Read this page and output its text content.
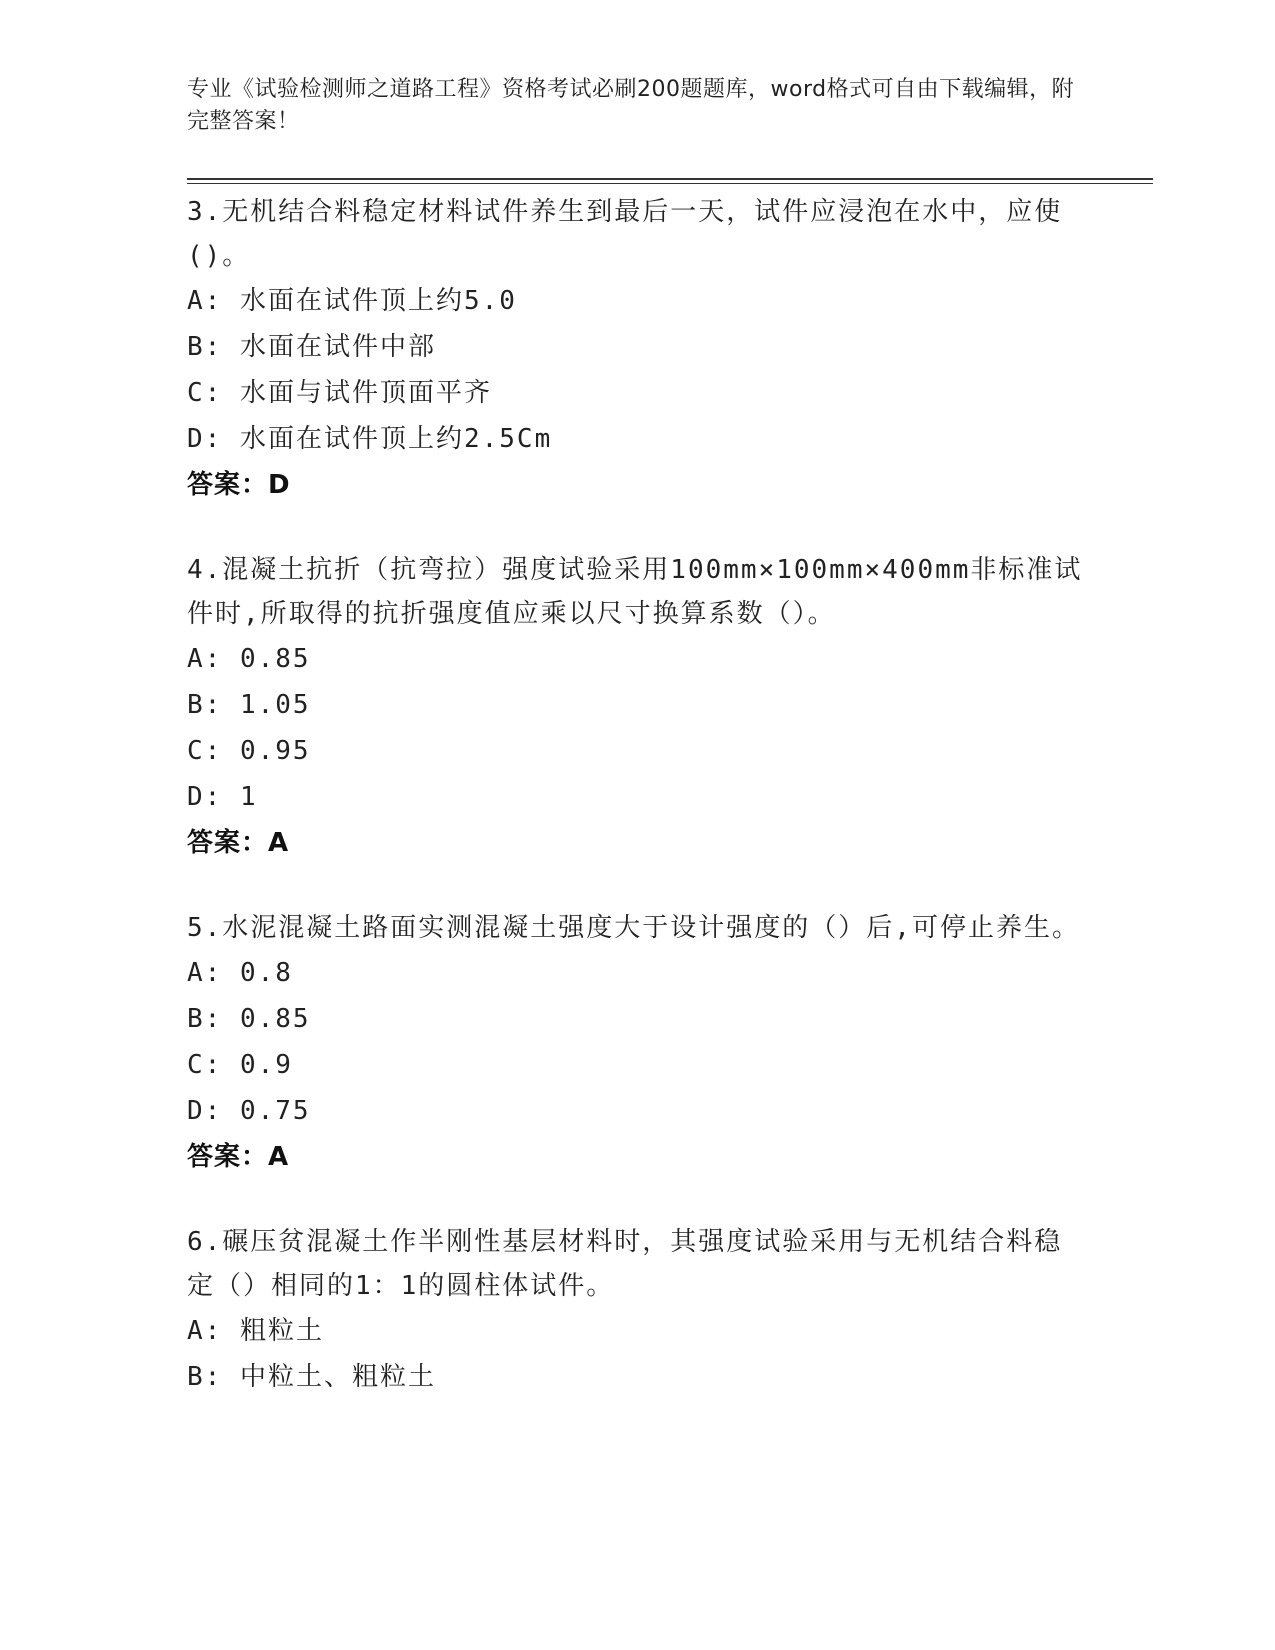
专业《试验检测师之道路工程》资格考试必刷200题题库，word格式可自由下载编辑，附完整答案！

3.无机结合料稳定材料试件养生到最后一天，试件应浸泡在水中，应使()。

A: 水面在试件顶上约5.0

B: 水面在试件中部

C: 水面与试件顶面平齐

D: 水面在试件顶上约2.5Cm

答案：D

4.混凝土抗折（抗弯拉）强度试验采用100mm×100mm×400mm非标准试件时,所取得的抗折强度值应乘以尺寸换算系数（）。

A: 0.85

B: 1.05

C: 0.95

D: 1

答案：A

5.水泥混凝土路面实测混凝土强度大于设计强度的（）后,可停止养生。

A: 0.8

B: 0.85

C: 0.9

D: 0.75

答案：A

6.碾压贫混凝土作半刚性基层材料时，其强度试验采用与无机结合料稳定（）相同的1：1的圆柱体试件。

A: 粗粒土

B: 中粒土、粗粒土
